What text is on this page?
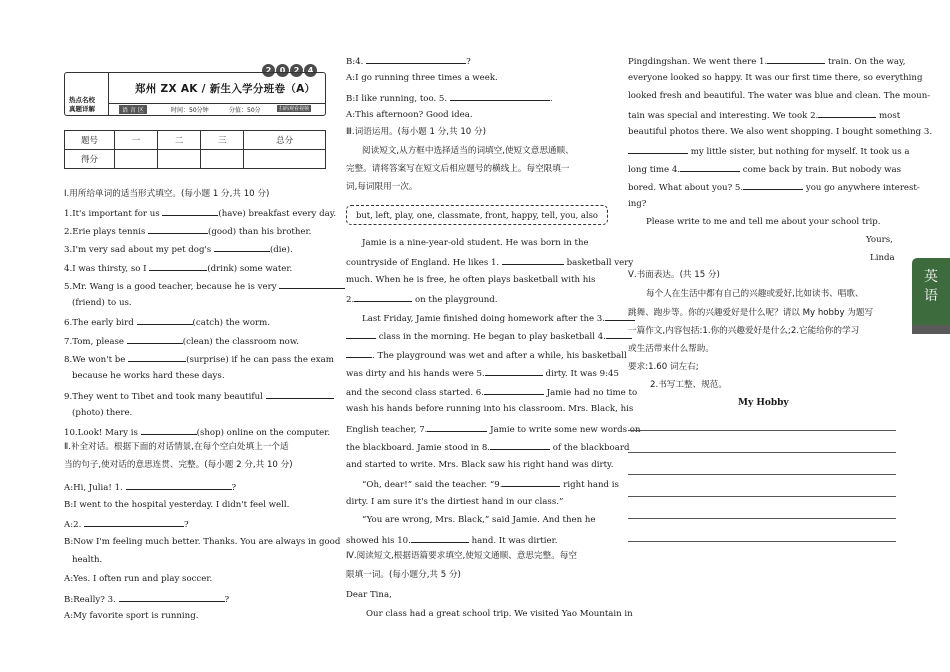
2	0	2	4
热点名校
真题详解
郑州 ZX AK / 新生入学分班卷（A）
语 言 区	时间：50分钟	分值：50分	扫码观看视频
题号	一	二	三	总分
得分				
Ⅰ.用所给单词的适当形式填空。(每小题 1 分,共 10 分)
1.It's important for us	(have) breakfast every day.
2.Erie plays tennis	(good) than his brother.
3.I'm very sad about my pet dog's	(die).
4.I was thirsty, so I	(drink) some water.
5.Mr. Wang is a good teacher, because he is very
(friend) to us.
6.The early bird	(catch) the worm.
7.Tom, please	(clean) the classroom now.
8.We won't be	(surprise) if he can pass the exam
because he works hard these days.
9.They went to Tibet and took many beautiful
(photo) there.
10.Look! Mary is	(shop) online on the computer.
Ⅱ.补全对话。根据下面的对话情景,在每个空白处填上一个适
当的句子,使对话的意思连贯、完整。(每小题 2 分,共 10 分)
A:Hi, Julia! 1.	?
B:I went to the hospital yesterday. I didn't feel well.
A:2.	?
B:Now I'm feeling much better. Thanks. You are always in good
health.
A:Yes. I often run and play soccer.
B:Really? 3.	?
A:My favorite sport is running.
B:4.	?
A:I go running three times a week.
B:I like running, too. 5.	.
A:This afternoon? Good idea.
Ⅲ.词语运用。(每小题 1 分,共 10 分)
阅读短文,从方框中选择适当的词填空,使短文意思通顺、
完整。请将答案写在短文后相应题号的横线上。每空限填一
词,每词限用一次。
but, left, play, one, classmate, front, happy, tell, you, also
Jamie is a nine-year-old student. He was born in the
countryside of England. He likes 1.	basketball very
much. When he is free, he often plays basketball with his
2.	on the playground.
Last Friday, Jamie finished doing homework after the 3.
class in the morning. He began to play basketball 4.
. The playground was wet and after a while, his basketball
was dirty and his hands were 5.	dirty. It was 9:45
and the second class started. 6.	Jamie had no time to
wash his hands before running into his classroom. Mrs. Black, his
English teacher, 7.	Jamie to write some new words on
the blackboard. Jamie stood in 8.	of the blackboard
and started to write. Mrs. Black saw his right hand was dirty.
“Oh, dear!” said the teacher. “9.	right hand is
dirty. I am sure it's the dirtiest hand in our class.”
“You are wrong, Mrs. Black,” said Jamie. And then he
showed his 10.	hand. It was dirtier.
Ⅳ.阅读短文,根据语篇要求填空,使短文通顺、意思完整。每空
限填一词。(每小题分,共 5 分)
Dear Tina,
Our class had a great school trip. We visited Yao Mountain in
Pingdingshan. We went there 1.	train. On the way,
everyone looked so happy. It was our first time there, so everything
looked fresh and beautiful. The water was blue and clean. The moun-
tain was special and interesting. We took 2.	most
beautiful photos there. We also went shopping. I bought something 3.
my little sister, but nothing for myself. It took us a
long time 4.	come back by train. But nobody was
bored. What about you? 5.	you go anywhere interest-
ing?
Please write to me and tell me about your school trip.
Yours,
Linda
Ⅴ.书面表达。(共 15 分)
每个人在生活中都有自己的兴趣或爱好,比如读书、唱歌、
跳舞、跑步等。你的兴趣爱好是什么呢？请以 My hobby 为题写
一篇作文,内容包括:1.你的兴趣爱好是什么;2.它能给你的学习
或生活带来什么帮助。
要求:1.60 词左右;
2.书写工整、规范。
My Hobby
英
语
